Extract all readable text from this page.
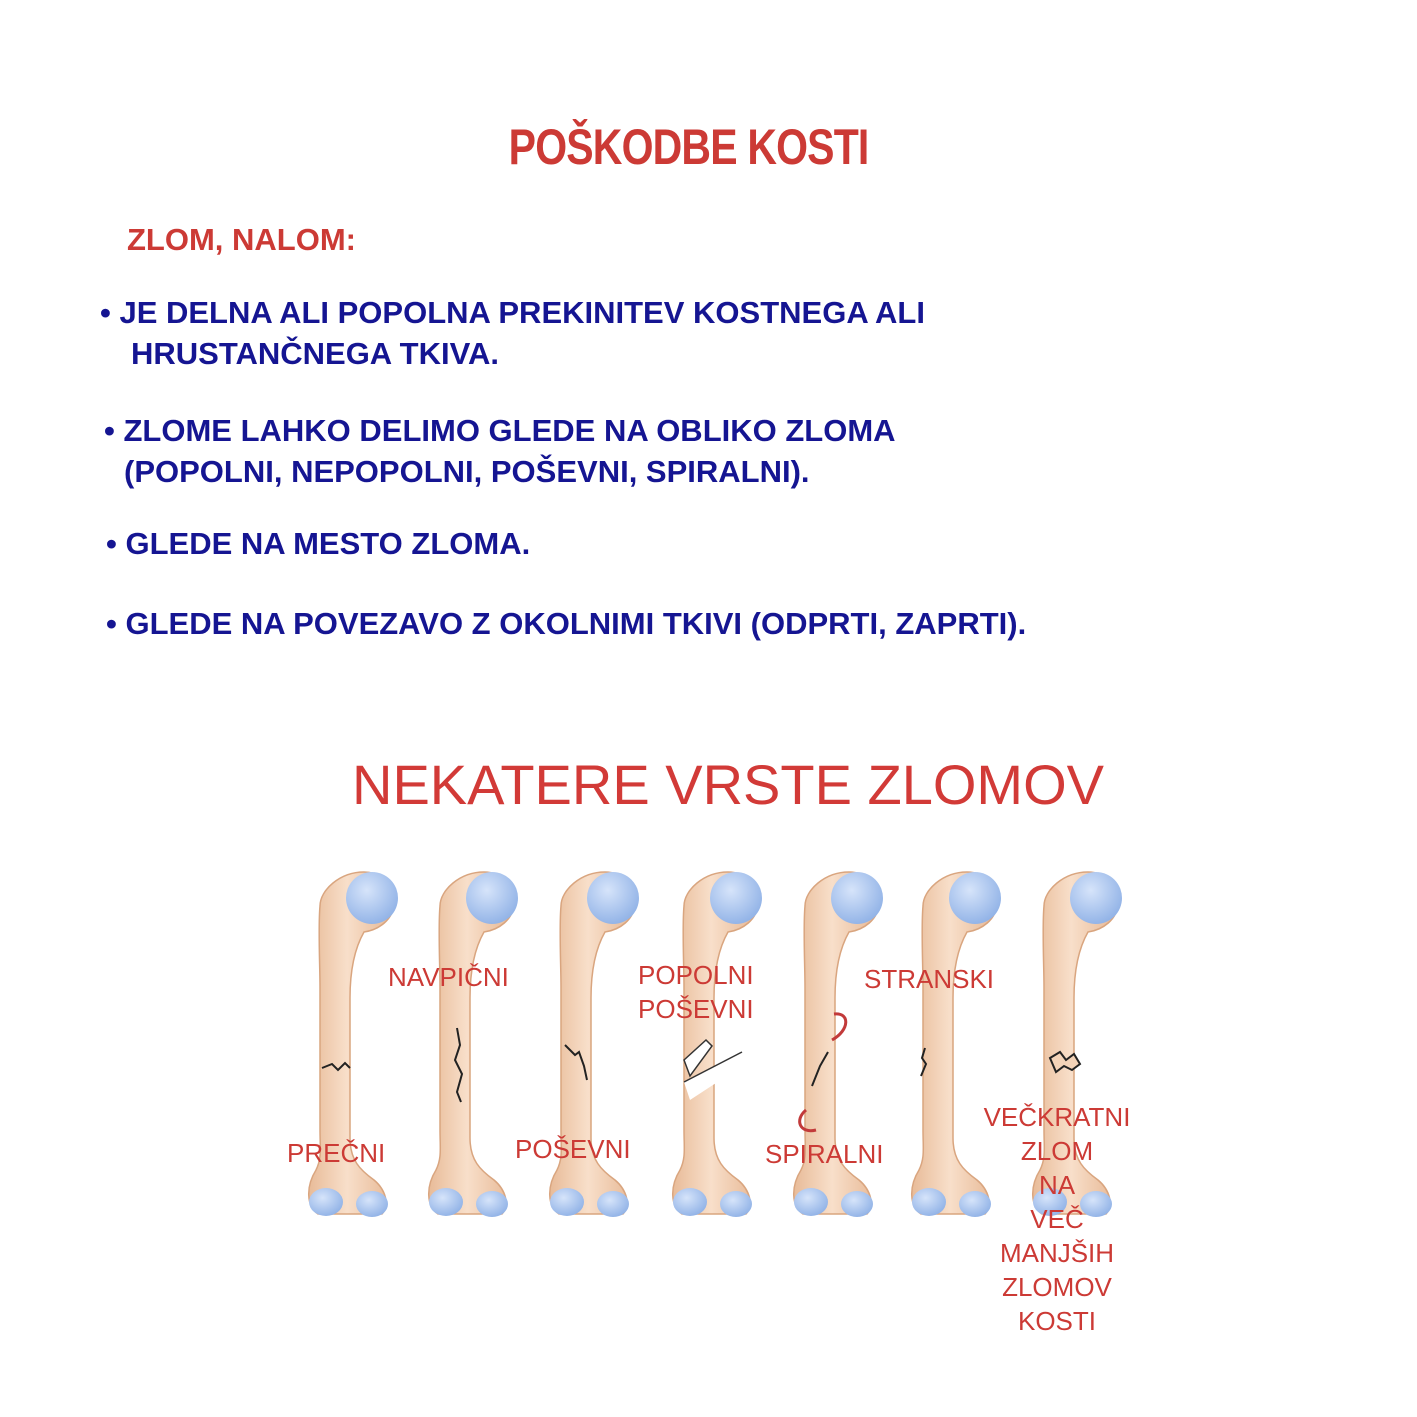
POŠKODBE KOSTI
ZLOM, NALOM:
• JE DELNA ALI POPOLNA PREKINITEV KOSTNEGA ALI
HRUSTANČNEGA TKIVA.
• ZLOME LAHKO DELIMO GLEDE NA OBLIKO ZLOMA
(POPOLNI, NEPOPOLNI, POŠEVNI, SPIRALNI).
• GLEDE NA MESTO ZLOMA.
• GLEDE NA POVEZAVO Z OKOLNIMI TKIVI (ODPRTI, ZAPRTI).
NEKATERE VRSTE ZLOMOV
PREČNI
NAVPIČNI
POŠEVNI
POPOLNI
POŠEVNI
SPIRALNI
STRANSKI
VEČKRATNI
ZLOM
NA
VEČ
MANJŠIH
ZLOMOV
KOSTI
